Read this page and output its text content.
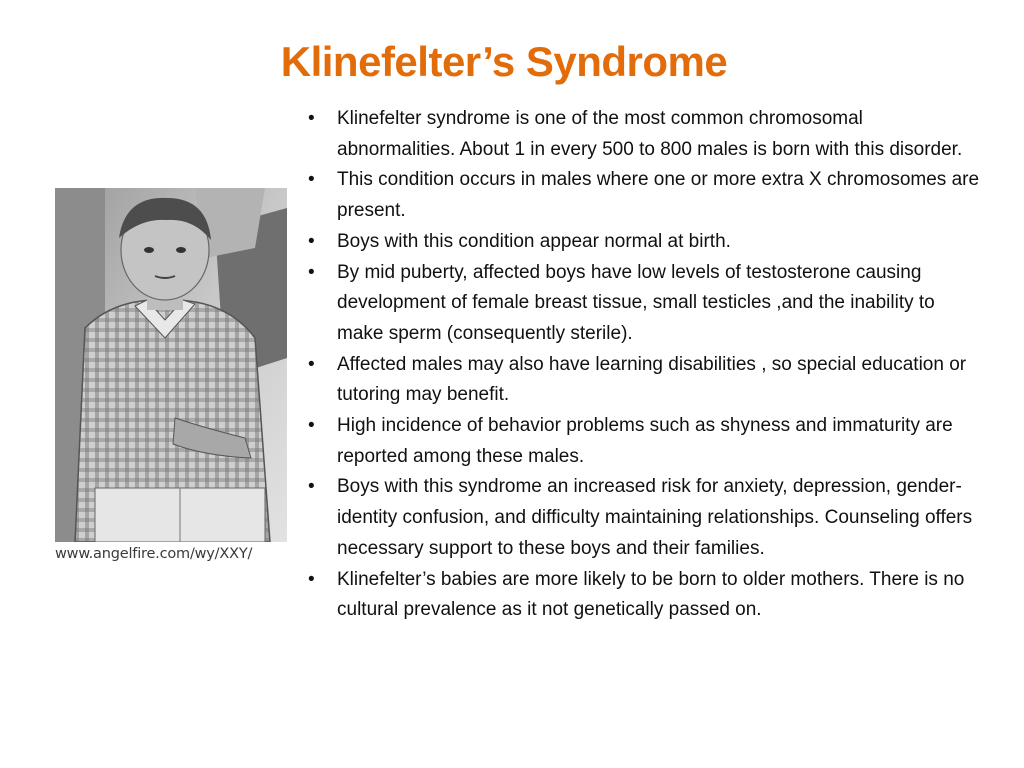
Klinefelter’s Syndrome
www.angelfire.com/wy/XXY/
• Klinefelter syndrome is one of the most common chromosomal abnormalities. About 1 in every 500 to 800 males is born with this disorder.
• This condition occurs in males where one or more extra X chromosomes are present.
• Boys with this condition appear normal at birth.
• By mid puberty, affected boys have low levels of testosterone causing development of female breast tissue, small testicles ,and the inability to make sperm (consequently sterile).
• Affected males may also have learning disabilities , so special education or tutoring may benefit.
• High incidence of behavior problems such as shyness and immaturity are reported among these males.
• Boys with this syndrome an increased risk for anxiety, depression, gender-identity confusion, and difficulty maintaining relationships. Counseling offers necessary support to these boys and their families.
• Klinefelter’s babies are more likely to be born to older mothers. There is no cultural prevalence as it not genetically passed on.
